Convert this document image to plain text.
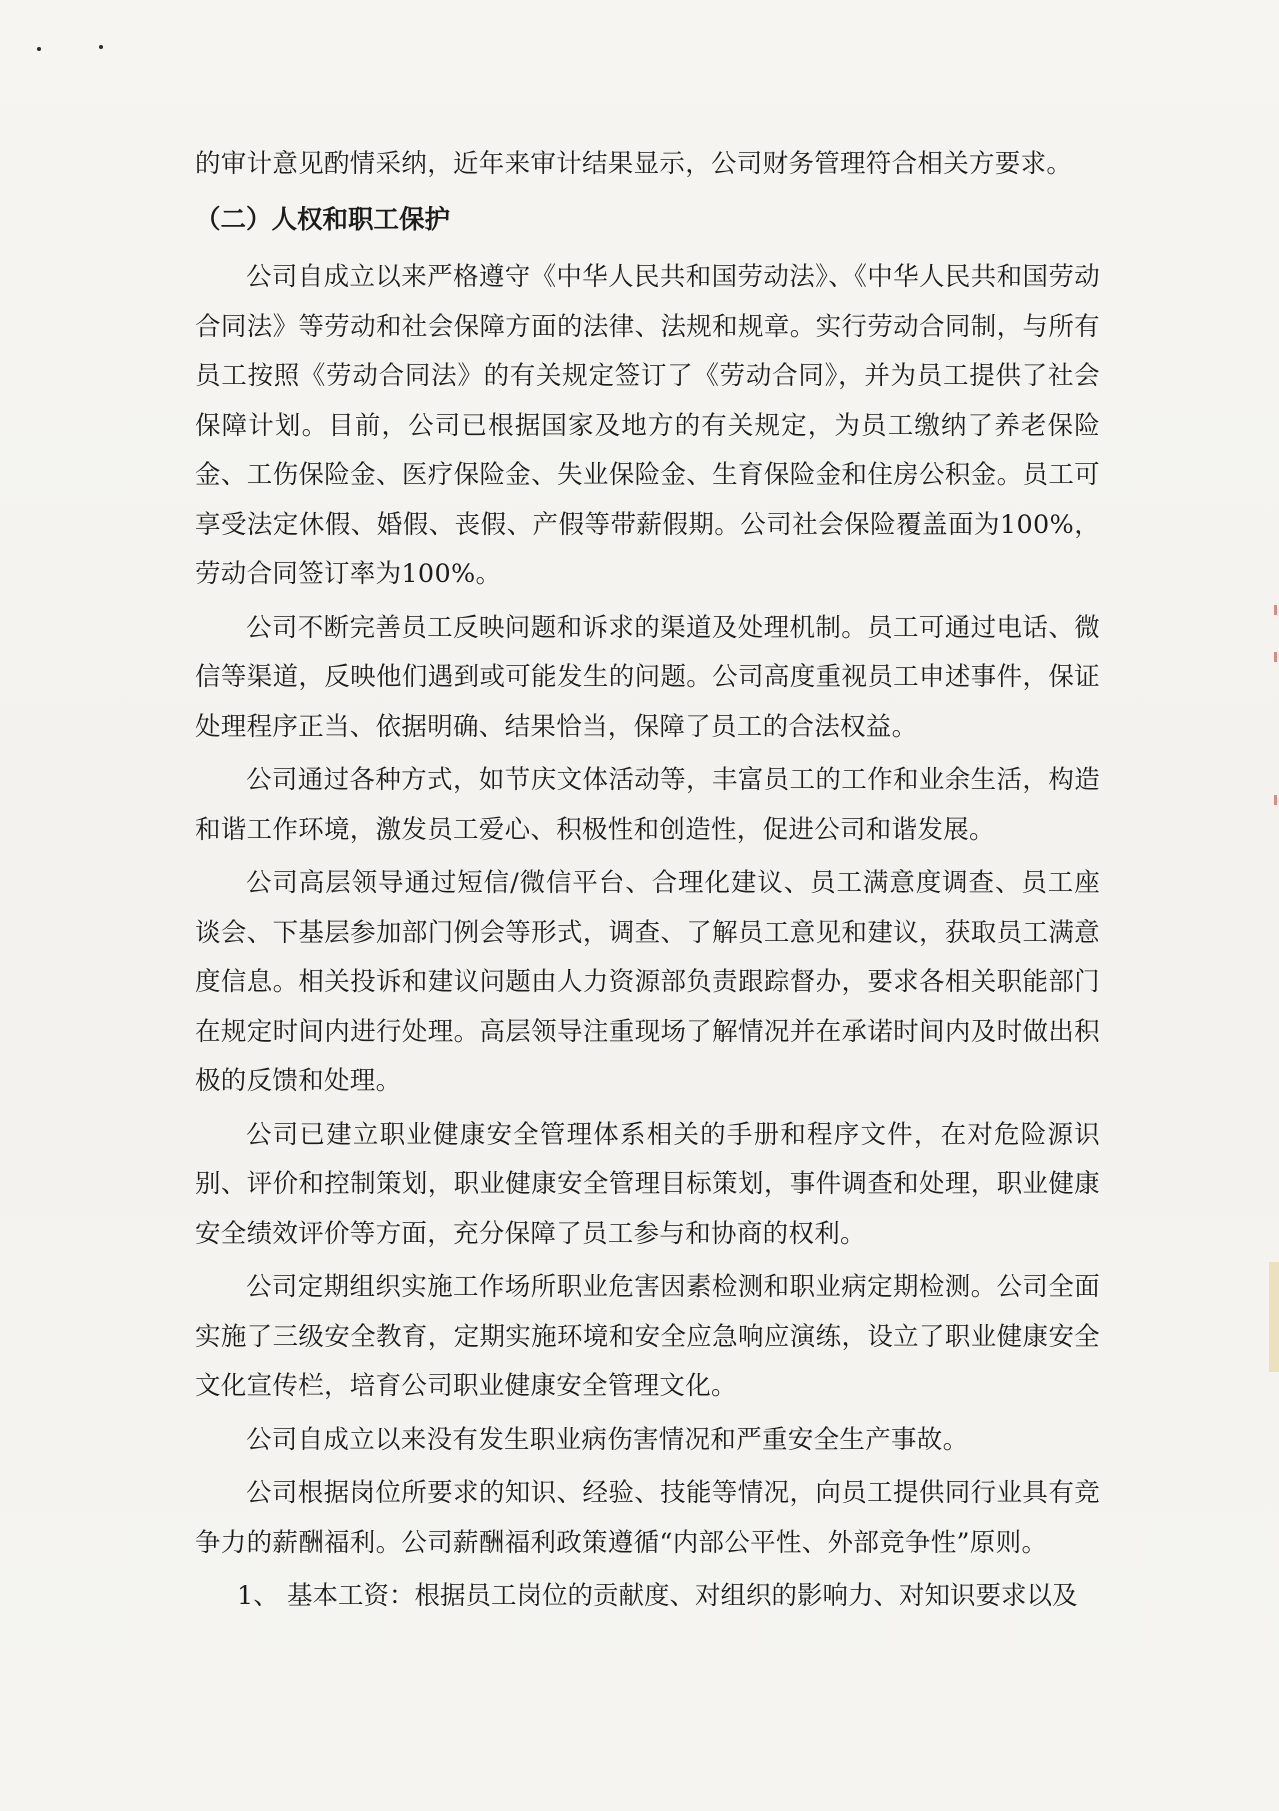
的审计意见酌情采纳，近年来审计结果显示，公司财务管理符合相关方要求。

（二）人权和职工保护

公司自成立以来严格遵守《中华人民共和国劳动法》、《中华人民共和国劳动合同法》等劳动和社会保障方面的法律、法规和规章。实行劳动合同制，与所有员工按照《劳动合同法》的有关规定签订了《劳动合同》，并为员工提供了社会保障计划。目前，公司已根据国家及地方的有关规定，为员工缴纳了养老保险金、工伤保险金、医疗保险金、失业保险金、生育保险金和住房公积金。员工可享受法定休假、婚假、丧假、产假等带薪假期。公司社会保险覆盖面为100%，劳动合同签订率为100%。

公司不断完善员工反映问题和诉求的渠道及处理机制。员工可通过电话、微信等渠道，反映他们遇到或可能发生的问题。公司高度重视员工申述事件，保证处理程序正当、依据明确、结果恰当，保障了员工的合法权益。

公司通过各种方式，如节庆文体活动等，丰富员工的工作和业余生活，构造和谐工作环境，激发员工爱心、积极性和创造性，促进公司和谐发展。

公司高层领导通过短信/微信平台、合理化建议、员工满意度调查、员工座谈会、下基层参加部门例会等形式，调查、了解员工意见和建议，获取员工满意度信息。相关投诉和建议问题由人力资源部负责跟踪督办，要求各相关职能部门在规定时间内进行处理。高层领导注重现场了解情况并在承诺时间内及时做出积极的反馈和处理。

公司已建立职业健康安全管理体系相关的手册和程序文件，在对危险源识别、评价和控制策划，职业健康安全管理目标策划，事件调查和处理，职业健康安全绩效评价等方面，充分保障了员工参与和协商的权利。

公司定期组织实施工作场所职业危害因素检测和职业病定期检测。公司全面实施了三级安全教育，定期实施环境和安全应急响应演练，设立了职业健康安全文化宣传栏，培育公司职业健康安全管理文化。

公司自成立以来没有发生职业病伤害情况和严重安全生产事故。

公司根据岗位所要求的知识、经验、技能等情况，向员工提供同行业具有竞争力的薪酬福利。公司薪酬福利政策遵循“内部公平性、外部竞争性”原则。

1、 基本工资：根据员工岗位的贡献度、对组织的影响力、对知识要求以及
